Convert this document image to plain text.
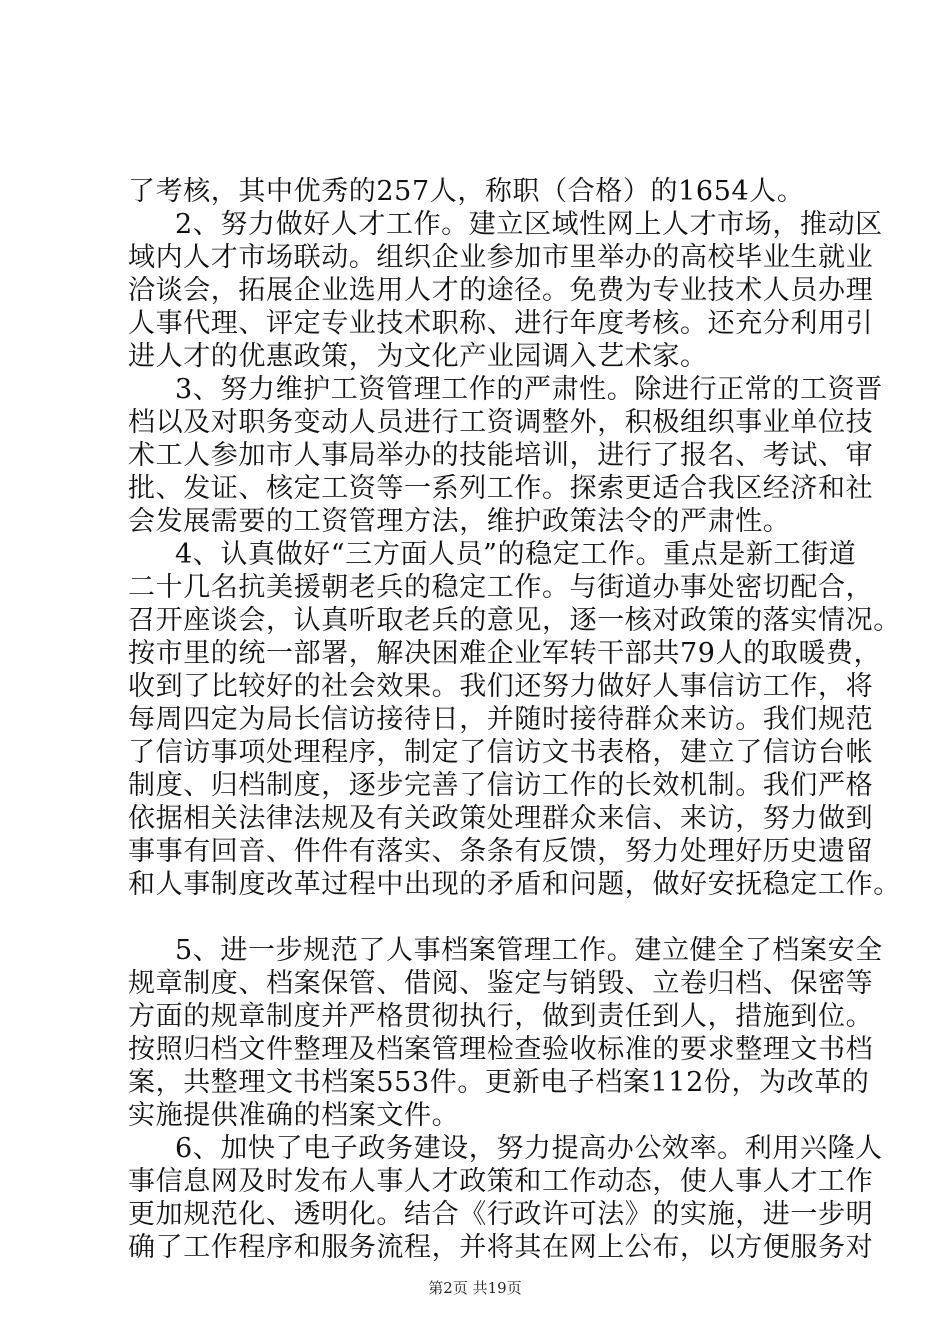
了考核，其中优秀的257人，称职（合格）的1654人。
2、努力做好人才工作。建立区域性网上人才市场，推动区
域内人才市场联动。组织企业参加市里举办的高校毕业生就业
洽谈会，拓展企业选用人才的途径。免费为专业技术人员办理
人事代理、评定专业技术职称、进行年度考核。还充分利用引
进人才的优惠政策，为文化产业园调入艺术家。
3、努力维护工资管理工作的严肃性。除进行正常的工资晋
档以及对职务变动人员进行工资调整外，积极组织事业单位技
术工人参加市人事局举办的技能培训，进行了报名、考试、审
批、发证、核定工资等一系列工作。探索更适合我区经济和社
会发展需要的工资管理方法，维护政策法令的严肃性。
4、认真做好“三方面人员”的稳定工作。重点是新工街道
二十几名抗美援朝老兵的稳定工作。与街道办事处密切配合，
召开座谈会，认真听取老兵的意见，逐一核对政策的落实情况。
按市里的统一部署，解决困难企业军转干部共79人的取暖费，
收到了比较好的社会效果。我们还努力做好人事信访工作，将
每周四定为局长信访接待日，并随时接待群众来访。我们规范
了信访事项处理程序，制定了信访文书表格，建立了信访台帐
制度、归档制度，逐步完善了信访工作的长效机制。我们严格
依据相关法律法规及有关政策处理群众来信、来访，努力做到
事事有回音、件件有落实、条条有反馈，努力处理好历史遗留
和人事制度改革过程中出现的矛盾和问题，做好安抚稳定工作。
5、进一步规范了人事档案管理工作。建立健全了档案安全
规章制度、档案保管、借阅、鉴定与销毁、立卷归档、保密等
方面的规章制度并严格贯彻执行，做到责任到人，措施到位。
按照归档文件整理及档案管理检查验收标准的要求整理文书档
案，共整理文书档案553件。更新电子档案112份，为改革的
实施提供准确的档案文件。
6、加快了电子政务建设，努力提高办公效率。利用兴隆人
事信息网及时发布人事人才政策和工作动态，使人事人才工作
更加规范化、透明化。结合《行政许可法》的实施，进一步明
确了工作程序和服务流程，并将其在网上公布，以方便服务对
第2页 共19页
